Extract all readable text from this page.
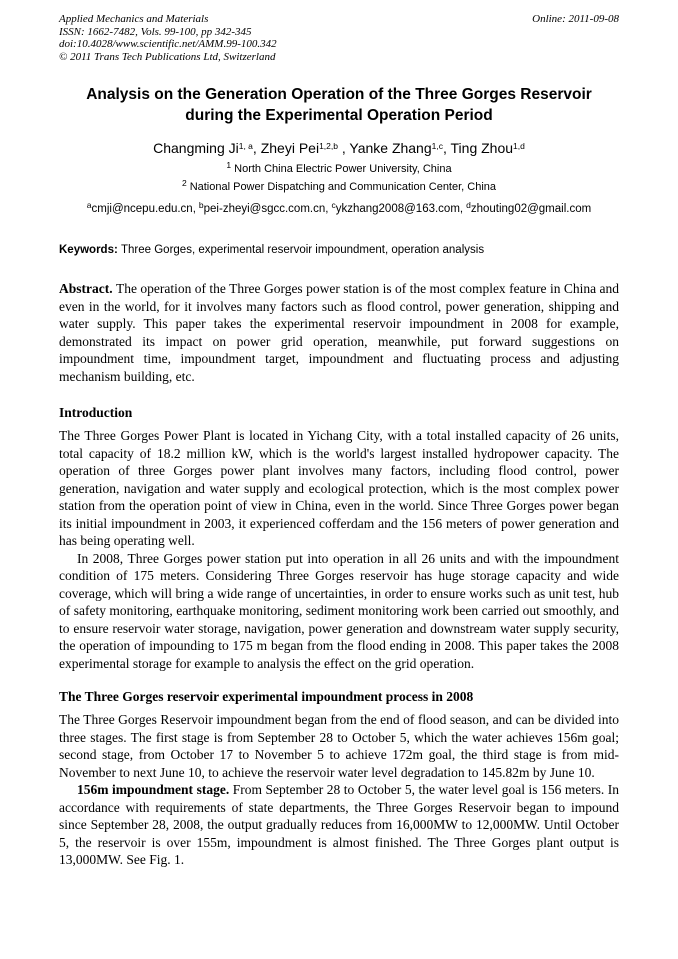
Applied Mechanics and Materials
ISSN: 1662-7482, Vols. 99-100, pp 342-345
doi:10.4028/www.scientific.net/AMM.99-100.342
© 2011 Trans Tech Publications Ltd, Switzerland
Online: 2011-09-08
Analysis on the Generation Operation of the Three Gorges Reservoir during the Experimental Operation Period
Changming Ji$^{1, a}$, Zheyi Pei$^{1,2,b}$ , Yanke Zhang$^{1,c}$, Ting Zhou$^{1,d}$
$^1$ North China Electric Power University, China
$^2$ National Power Dispatching and Communication Center, China
$^a$cmji@ncepu.edu.cn, $^b$pei-zheyi@sgcc.com.cn, $^c$ykzhang2008@163.com, $^d$zhouting02@gmail.com
Keywords: Three Gorges, experimental reservoir impoundment, operation analysis

Abstract. The operation of the Three Gorges power station is of the most complex feature in China and even in the world, for it involves many factors such as flood control, power generation, shipping and water supply. This paper takes the experimental reservoir impoundment in 2008 for example, demonstrated its impact on power grid operation, meanwhile, put forward suggestions on impoundment time, impoundment target, impoundment and fluctuating process and adjusting mechanism building, etc.

Introduction

The Three Gorges Power Plant is located in Yichang City, with a total installed capacity of 26 units, total capacity of 18.2 million kW, which is the world's largest installed hydropower capacity. The operation of three Gorges power plant involves many factors, including flood control, power generation, navigation and water supply and ecological protection, which is the most complex power station from the operation point of view in China, even in the world. Since Three Gorges power began its initial impoundment in 2003, it experienced cofferdam and the 156 meters of power generation and has being operating well.

In 2008, Three Gorges power station put into operation in all 26 units and with the impoundment condition of 175 meters. Considering Three Gorges reservoir has huge storage capacity and wide coverage, which will bring a wide range of uncertainties, in order to ensure works such as unit test, hub of safety monitoring, earthquake monitoring, sediment monitoring work been carried out smoothly, and to ensure reservoir water storage, navigation, power generation and downstream water supply security, the operation of impounding to 175 m began from the flood ending in 2008. This paper takes the 2008 experimental storage for example to analysis the effect on the grid operation.

The Three Gorges reservoir experimental impoundment process in 2008

The Three Gorges Reservoir impoundment began from the end of flood season, and can be divided into three stages. The first stage is from September 28 to October 5, which the water achieves 156m goal; second stage, from October 17 to November 5 to achieve 172m goal, the third stage is from mid-November to next June 10, to achieve the reservoir water level degradation to 145.82m by June 10.

156m impoundment stage. From September 28 to October 5, the water level goal is 156 meters. In accordance with requirements of state departments, the Three Gorges Reservoir began to impound since September 28, 2008, the output gradually reduces from 16,000MW to 12,000MW. Until October 5, the reservoir is over 155m, impoundment is almost finished. The Three Gorges plant output is 13,000MW. See Fig. 1.
